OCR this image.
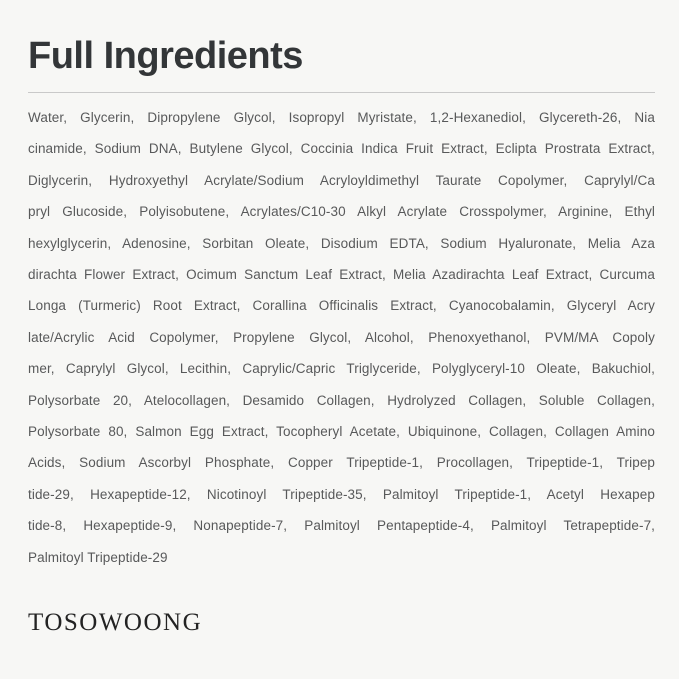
Full Ingredients
Water, Glycerin, Dipropylene Glycol, Isopropyl Myristate, 1,2-Hexanediol, Glycereth-26, Nia
cinamide, Sodium DNA, Butylene Glycol, Coccinia Indica Fruit Extract, Eclipta Prostrata Extract,
Diglycerin, Hydroxyethyl Acrylate/Sodium Acryloyldimethyl Taurate Copolymer, Caprylyl/Ca
pryl Glucoside, Polyisobutene, Acrylates/C10-30 Alkyl Acrylate Crosspolymer, Arginine, Ethyl
hexylglycerin, Adenosine, Sorbitan Oleate, Disodium EDTA, Sodium Hyaluronate, Melia Aza
dirachta Flower Extract, Ocimum Sanctum Leaf Extract, Melia Azadirachta Leaf Extract, Curcuma
Longa (Turmeric) Root Extract, Corallina Officinalis Extract, Cyanocobalamin, Glyceryl Acry
late/Acrylic Acid Copolymer, Propylene Glycol, Alcohol, Phenoxyethanol, PVM/MA Copoly
mer, Caprylyl Glycol, Lecithin, Caprylic/Capric Triglyceride, Polyglyceryl-10 Oleate, Bakuchiol,
Polysorbate 20, Atelocollagen, Desamido Collagen, Hydrolyzed Collagen, Soluble Collagen,
Polysorbate 80, Salmon Egg Extract, Tocopheryl Acetate, Ubiquinone, Collagen, Collagen Amino
Acids, Sodium Ascorbyl Phosphate, Copper Tripeptide-1, Procollagen, Tripeptide-1, Tripep
tide-29, Hexapeptide-12, Nicotinoyl Tripeptide-35, Palmitoyl Tripeptide-1, Acetyl Hexapep
tide-8, Hexapeptide-9, Nonapeptide-7, Palmitoyl Pentapeptide-4, Palmitoyl Tetrapeptide-7,
Palmitoyl Tripeptide-29
TOSOWOONG
